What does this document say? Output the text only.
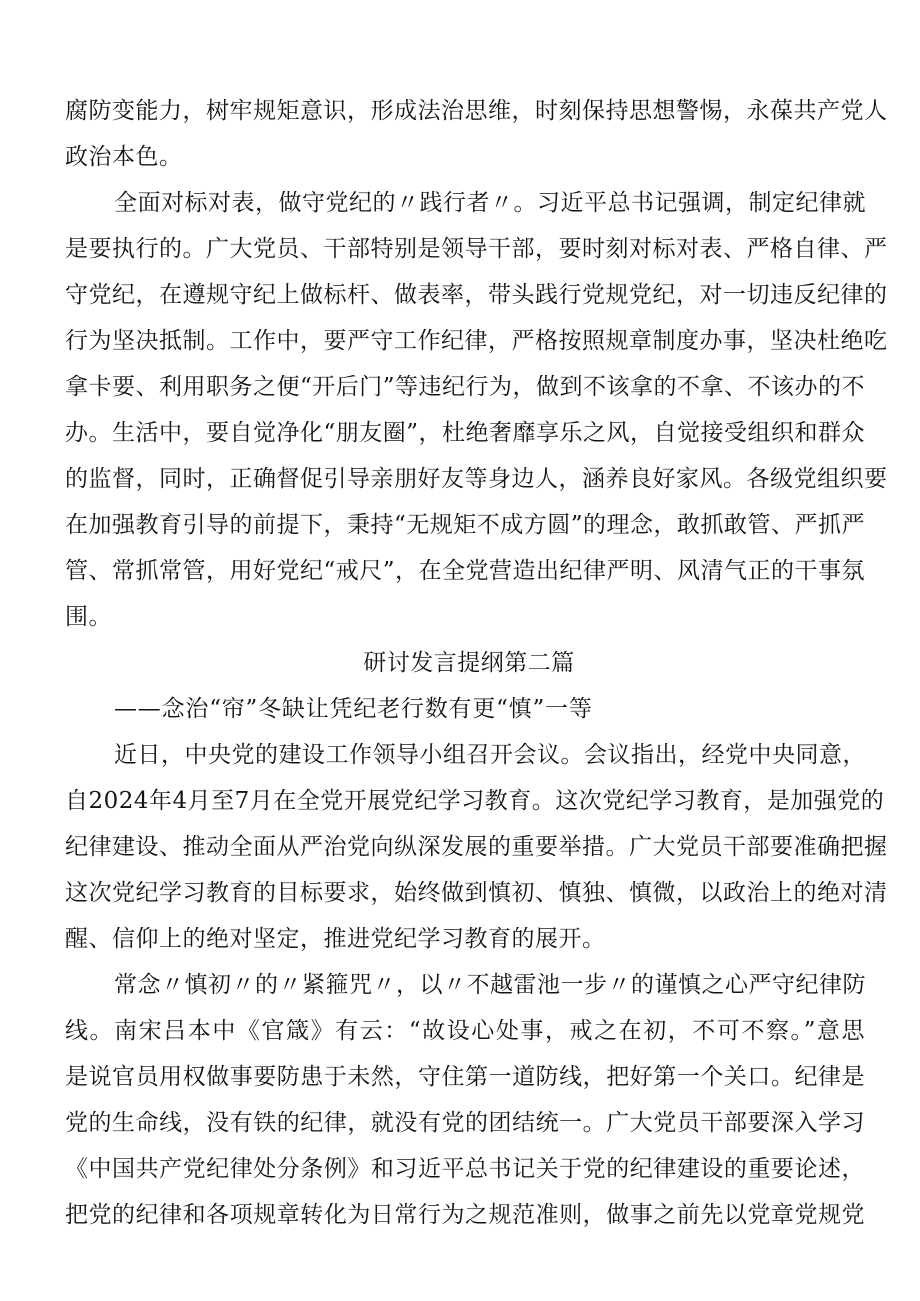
腐防变能力，树牢规矩意识，形成法治思维，时刻保持思想警惕，永葆共产党人
政治本色。
全面对标对表，做守党纪的〃践行者〃。习近平总书记强调，制定纪律就
是要执行的。广大党员、干部特别是领导干部，要时刻对标对表、严格自律、严
守党纪，在遵规守纪上做标杆、做表率，带头践行党规党纪，对一切违反纪律的
行为坚决抵制。工作中，要严守工作纪律，严格按照规章制度办事，坚决杜绝吃
拿卡要、利用职务之便“开后门”等违纪行为，做到不该拿的不拿、不该办的不
办。生活中，要自觉净化“朋友圈”，杜绝奢靡享乐之风，自觉接受组织和群众
的监督，同时，正确督促引导亲朋好友等身边人，涵养良好家风。各级党组织要
在加强教育引导的前提下，秉持“无规矩不成方圆”的理念，敢抓敢管、严抓严
管、常抓常管，用好党纪“戒尺”，在全党营造出纪律严明、风清气正的干事氛
围。
研讨发言提纲第二篇
——念治“帘”冬缺让凭纪老行数有更“慎”一等
近日，中央党的建设工作领导小组召开会议。会议指出，经党中央同意，
自2024年4月至7月在全党开展党纪学习教育。这次党纪学习教育，是加强党的
纪律建设、推动全面从严治党向纵深发展的重要举措。广大党员干部要准确把握
这次党纪学习教育的目标要求，始终做到慎初、慎独、慎微，以政治上的绝对清
醒、信仰上的绝对坚定，推进党纪学习教育的展开。
常念〃慎初〃的〃紧箍咒〃，以〃不越雷池一步〃的谨慎之心严守纪律防
线。南宋吕本中《官箴》有云：“故设心处事，戒之在初，不可不察。”意思
是说官员用权做事要防患于未然，守住第一道防线，把好第一个关口。纪律是
党的生命线，没有铁的纪律，就没有党的团结统一。广大党员干部要深入学习
《中国共产党纪律处分条例》和习近平总书记关于党的纪律建设的重要论述，
把党的纪律和各项规章转化为日常行为之规范准则，做事之前先以党章党规党
